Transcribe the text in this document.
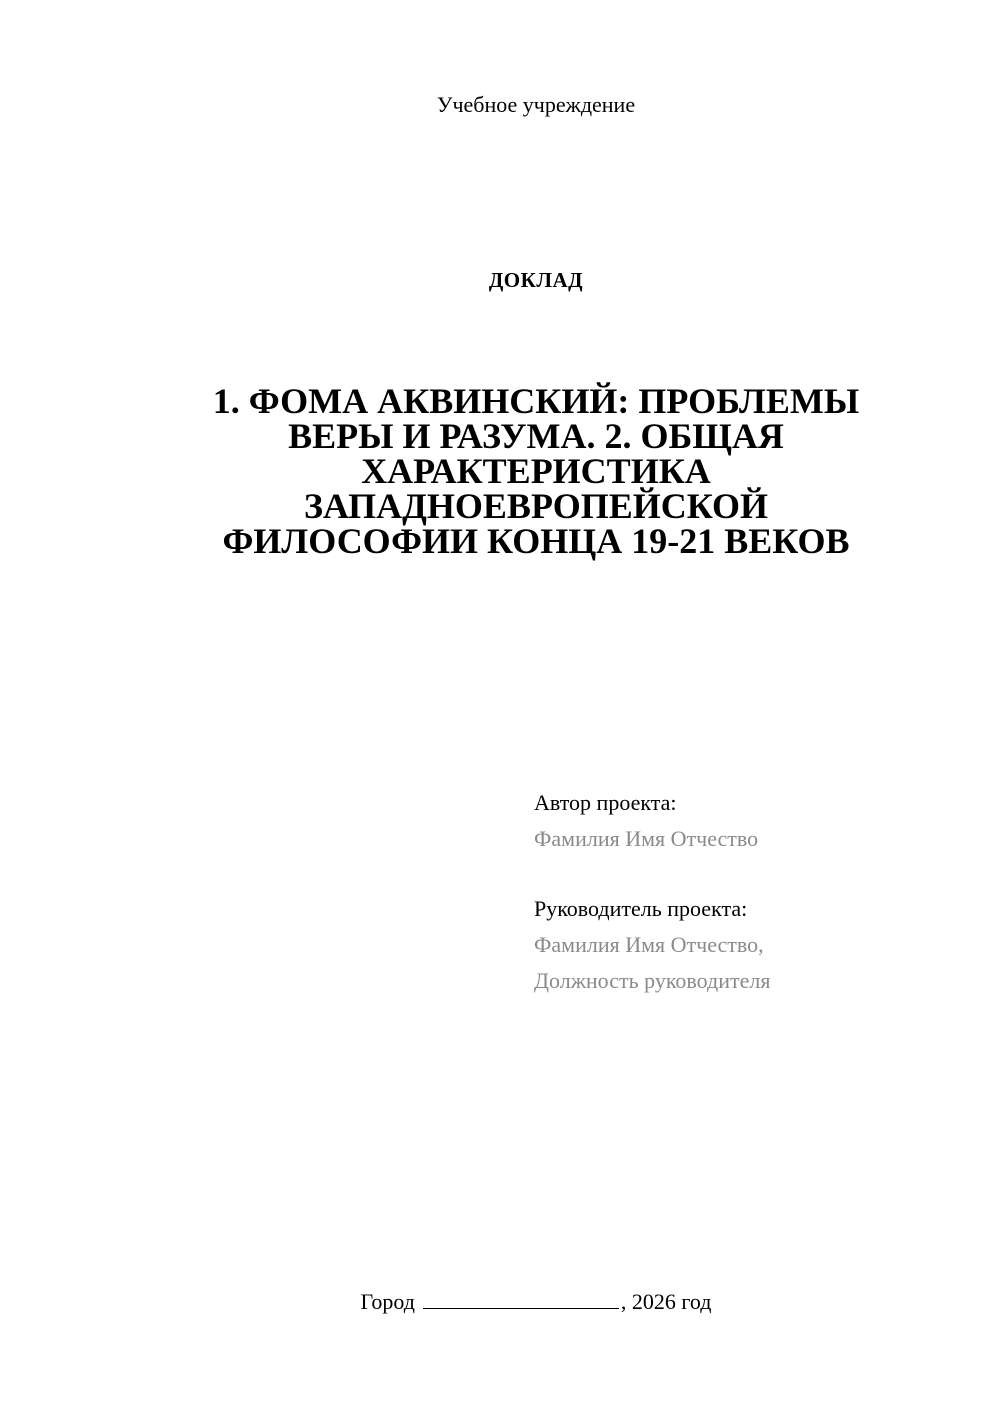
Учебное учреждение
ДОКЛАД
1. ФОМА АКВИНСКИЙ: ПРОБЛЕМЫ
ВЕРЫ И РАЗУМА. 2. ОБЩАЯ
ХАРАКТЕРИСТИКА
ЗАПАДНОЕВРОПЕЙСКОЙ
ФИЛОСОФИИ КОНЦА 19-21 ВЕКОВ
Автор проекта:
Фамилия Имя Отчество
Руководитель проекта:
Фамилия Имя Отчество,
Должность руководителя
Город	, 2026 год
